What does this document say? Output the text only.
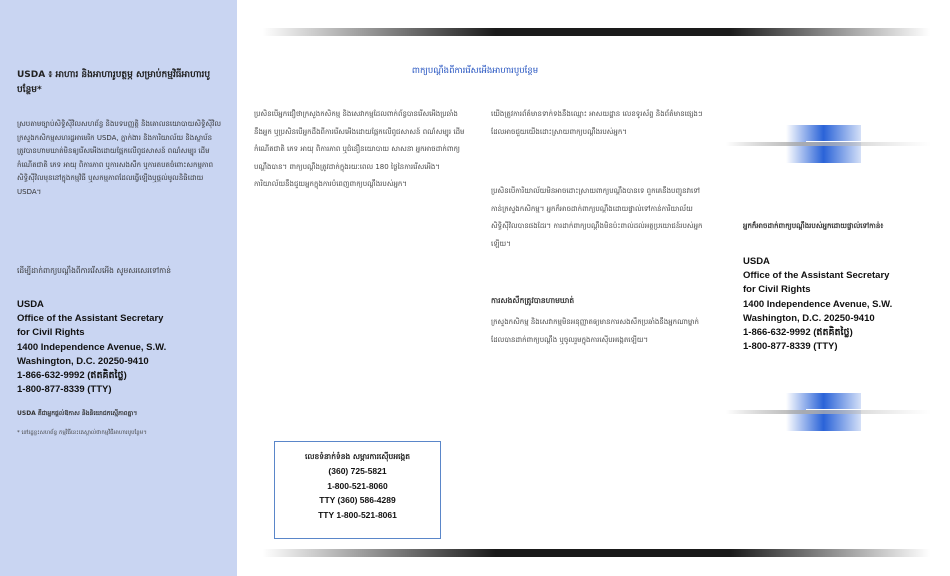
USDA ៖ អាហារ និងអាហារូបត្ថម្ភ សម្រាប់កម្មវិធីអាហារបូបន្ថែម*
ស្របតាមច្បាប់សិទ្ធិស៊ីវិលសហព័ន្ធ និងបទបញ្ញត្តិ និងគោលនយោបាយសិទ្ធិស៊ីវិលក្រសួងកសិកម្មសហរដ្ឋអាមេរិក USDA, ភ្នាក់ងារ និងការិយាល័យ និងស្ថាប័ន ត្រូវបានហាមឃាត់មិនឲ្យរើសអើងដោយផ្អែកលើពូជសាសន៍ ពណ៌សម្បុរ ដើមកំណើតជាតិ ភេទ អាយុ ពិការភាព ឬការសងសឹក ឬការតបតចំពោះសកម្មភាពសិទ្ធិស៊ីវិលមុននៅក្នុងកម្មវិធី ឬសកម្មភាពដែលធ្វើឡើងឬផ្តល់មូលនិធិដោយ USDA។
ដើម្បីដាក់ពាក្យបណ្តឹងពីការរើសអើង សូមសរសេរទៅកាន់
USDA
Office of the Assistant Secretary
for Civil Rights
1400 Independence Avenue, S.W.
Washington, D.C. 20250-9410
1-866-632-9992 (ឥតគិតថ្លៃ)
1-800-877-8339 (TTY)
USDA គឺជាអ្នកផ្តល់ឱកាស និងនិយោជកស្មើភាពគ្នា។
* នៅរដ្ឋខ្លះសហព័ន្ធ កម្មវិធីនេះគេស្គាល់ថាកម្មវិធីអាហារបូបន្ថែម។
ពាក្យបណ្តឹងពីការរើសអើងអាហារបូបន្ថែម
ប្រសិនបើអ្នកជឿថាក្រសួងកសិកម្ម និងសេវាកម្មដែលពាក់ព័ន្ធបានរើសអើងប្រឆាំងនឹងអ្នក ឬប្រសិនបើអ្នកដឹងពីការរើសអើងដោយផ្អែកលើពូជសាសន៍ ពណ៌សម្បុរ ដើមកំណើតជាតិ ភេទ អាយុ ពិការភាព ឬជំនឿនយោបាយ សាសនា អ្នកអាចដាក់ពាក្យបណ្តឹងបាន។ ពាក្យបណ្តឹងត្រូវដាក់ក្នុងរយៈពេល 180 ថ្ងៃនៃការរើសអើង។ ការិយាល័យនឹងជួយអ្នកក្នុងការបំពេញពាក្យបណ្តឹងរបស់អ្នក។
យើងត្រូវការព័ត៌មានទាក់ទងនឹងឈ្មោះ អាសយដ្ឋាន លេខទូរស័ព្ទ និងព័ត៌មានផ្សេងៗដែលអាចជួយយើងដោះស្រាយពាក្យបណ្តឹងរបស់អ្នក។
ប្រសិនបើការិយាល័យមិនអាចដោះស្រាយពាក្យបណ្តឹងបានទេ ពួកគេនឹងបញ្ជូនវាទៅកាន់ក្រសួងកសិកម្ម។ អ្នកក៏អាចដាក់ពាក្យបណ្តឹងដោយផ្ទាល់ទៅកាន់ការិយាល័យសិទ្ធិស៊ីវិលបានផងដែរ។ ការដាក់ពាក្យបណ្តឹងមិនប៉ះពាល់ដល់អត្ថប្រយោជន៍របស់អ្នកឡើយ។
ការសងសឹកត្រូវបានហាមឃាត់
ក្រសួងកសិកម្ម និងសេវាកម្មមិនអនុញ្ញាតឲ្យមានការសងសឹកប្រឆាំងនឹងអ្នកណាម្នាក់ដែលបានដាក់ពាក្យបណ្តឹង ឬចូលរួមក្នុងការស៊ើបអង្កេតឡើយ។
លេខទំនាក់ទំនង សម្ភារការស៊ើបអង្កេត
(360) 725-5821
1-800-521-8060
TTY (360) 586-4289
TTY 1-800-521-8061
អ្នកក៏អាចដាក់ពាក្យបណ្តឹងរបស់អ្នកដោយផ្ទាល់ទៅកាន់៖
USDA
Office of the Assistant Secretary
for Civil Rights
1400 Independence Avenue, S.W.
Washington, D.C. 20250-9410
1-866-632-9992 (ឥតគិតថ្លៃ)
1-800-877-8339 (TTY)
